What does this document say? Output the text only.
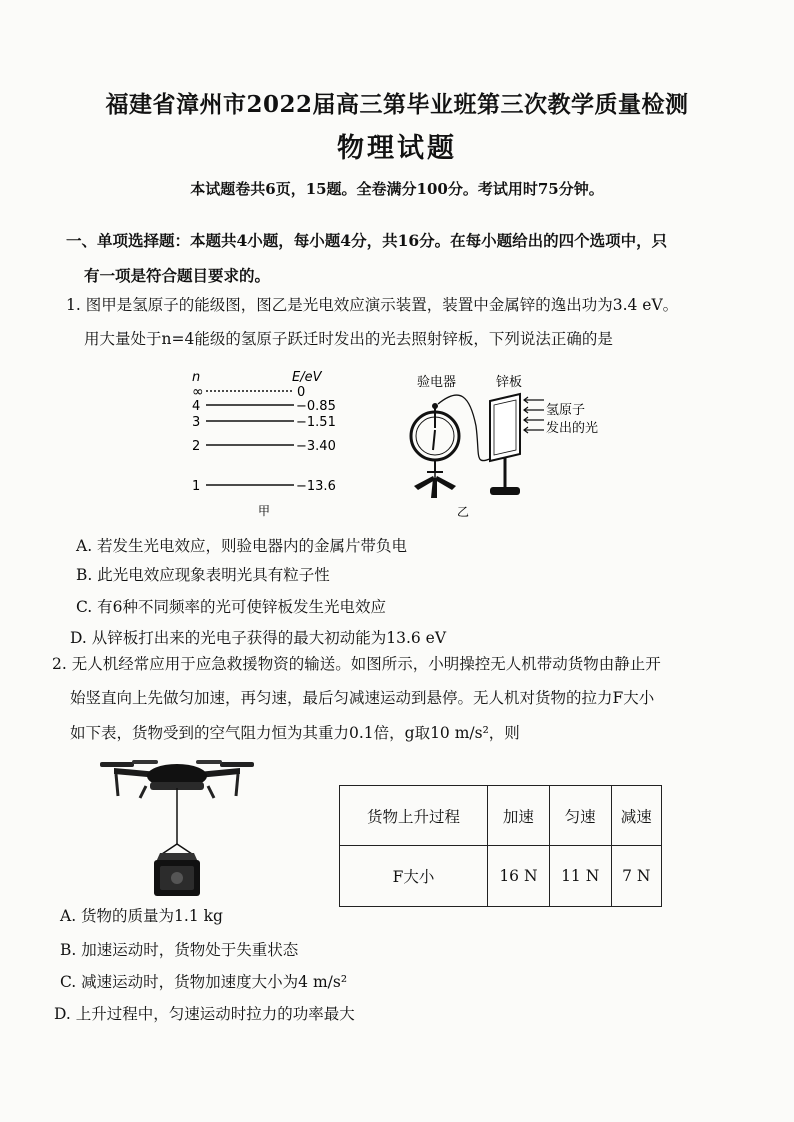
福建省漳州市2022届高三第毕业班第三次教学质量检测
物理试题
本试题卷共6页，15题。全卷满分100分。考试用时75分钟。
一、单项选择题：本题共4小题，每小题4分，共16分。在每小题给出的四个选项中，只
有一项是符合题目要求的。
1. 图甲是氢原子的能级图，图乙是光电效应演示装置，装置中金属锌的逸出功为3.4 eV。
用大量处于n=4能级的氢原子跃迁时发出的光去照射锌板，下列说法正确的是
n	E/eV
∞	0
4	−0.85
3	−1.51
2	−3.40
1	−13.6
甲
验电器	锌板
氢原子
发出的光
乙
A. 若发生光电效应，则验电器内的金属片带负电
B. 此光电效应现象表明光具有粒子性
C. 有6种不同频率的光可使锌板发生光电效应
D. 从锌板打出来的光电子获得的最大初动能为13.6 eV
2. 无人机经常应用于应急救援物资的输送。如图所示，小明操控无人机带动货物由静止开
始竖直向上先做匀加速，再匀速，最后匀减速运动到悬停。无人机对货物的拉力F大小
如下表，货物受到的空气阻力恒为其重力0.1倍，g取10 m/s²，则
货物上升过程	加速	匀速	减速
F大小	16 N	11 N	7 N
A. 货物的质量为1.1 kg
B. 加速运动时，货物处于失重状态
C. 减速运动时，货物加速度大小为4 m/s²
D. 上升过程中，匀速运动时拉力的功率最大
